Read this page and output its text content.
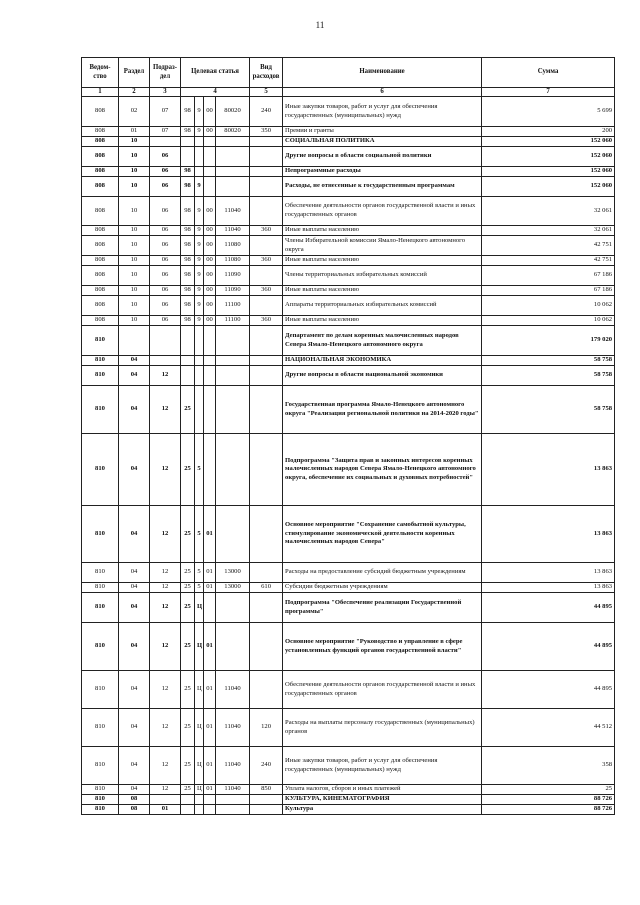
11
Ведом-ство	Раздел	Подраз-дел	Целевая статья				Вид расходов	Наименование	Сумма
1	2	3	4				5	6	7
808	02	07	98	9	00	80020	240	Иные закупки товаров, работ и услуг для обеспечения государственных (муниципальных) нужд	5 699
808	01	07	98	9	00	80020	350	Премии и гранты	200
808	10							СОЦИАЛЬНАЯ ПОЛИТИКА	152 060
808	10	06						Другие вопросы в области социальной политики	152 060
808	10	06	98					Непрограммные расходы	152 060
808	10	06	98	9				Расходы, не отнесенные к государственным программам	152 060
808	10	06	98	9	00	11040		Обеспечение деятельности органов государственной власти и иных государственных органов	32 061
808	10	06	98	9	00	11040	360	Иные выплаты населению	32 061
808	10	06	98	9	00	11080		Члены Избирательной комиссии Ямало-Ненецкого автономного округа	42 751
808	10	06	98	9	00	11080	360	Иные выплаты населению	42 751
808	10	06	98	9	00	11090		Члены территориальных избирательных комиссий	67 186
808	10	06	98	9	00	11090	360	Иные выплаты населению	67 186
808	10	06	98	9	00	11100		Аппараты территориальных избирательных комиссий	10 062
808	10	06	98	9	00	11100	360	Иные выплаты населению	10 062
810								Департамент по делам коренных малочисленных народов Севера Ямало-Ненецкого автономного округа	179 020
810	04							НАЦИОНАЛЬНАЯ ЭКОНОМИКА	58 758
810	04	12						Другие вопросы в области национальной экономики	58 758
810	04	12	25					Государственная программа Ямало-Ненецкого автономного округа "Реализация региональной политики на 2014-2020 годы"	58 758
810	04	12	25	5				Подпрограмма "Защита прав и законных интересов коренных малочисленных народов Севера Ямало-Ненецкого автономного округа, обеспечение их социальных и духовных потребностей"	13 863
810	04	12	25	5	01			Основное мероприятие "Сохранение самобытной культуры, стимулирование экономической деятельности коренных малочисленных народов Севера"	13 863
810	04	12	25	5	01	13000		Расходы на предоставление субсидий бюджетным учреждениям	13 863
810	04	12	25	5	01	13000	610	Субсидии бюджетным учреждениям	13 863
810	04	12	25	Ц				Подпрограмма "Обеспечение реализации Государственной программы"	44 895
810	04	12	25	Ц	01			Основное мероприятие "Руководство и управление в сфере установленных функций органов государственной власти"	44 895
810	04	12	25	Ц	01	11040		Обеспечение деятельности органов государственной власти и иных государственных органов	44 895
810	04	12	25	Ц	01	11040	120	Расходы на выплаты персоналу государственных (муниципальных) органов	44 512
810	04	12	25	Ц	01	11040	240	Иные закупки товаров, работ и услуг для обеспечения государственных (муниципальных) нужд	358
810	04	12	25	Ц	01	11040	850	Уплата налогов, сборов и иных платежей	25
810	08							КУЛЬТУРА, КИНЕМАТОГРАФИЯ	88 726
810	08	01						Культура	88 726
